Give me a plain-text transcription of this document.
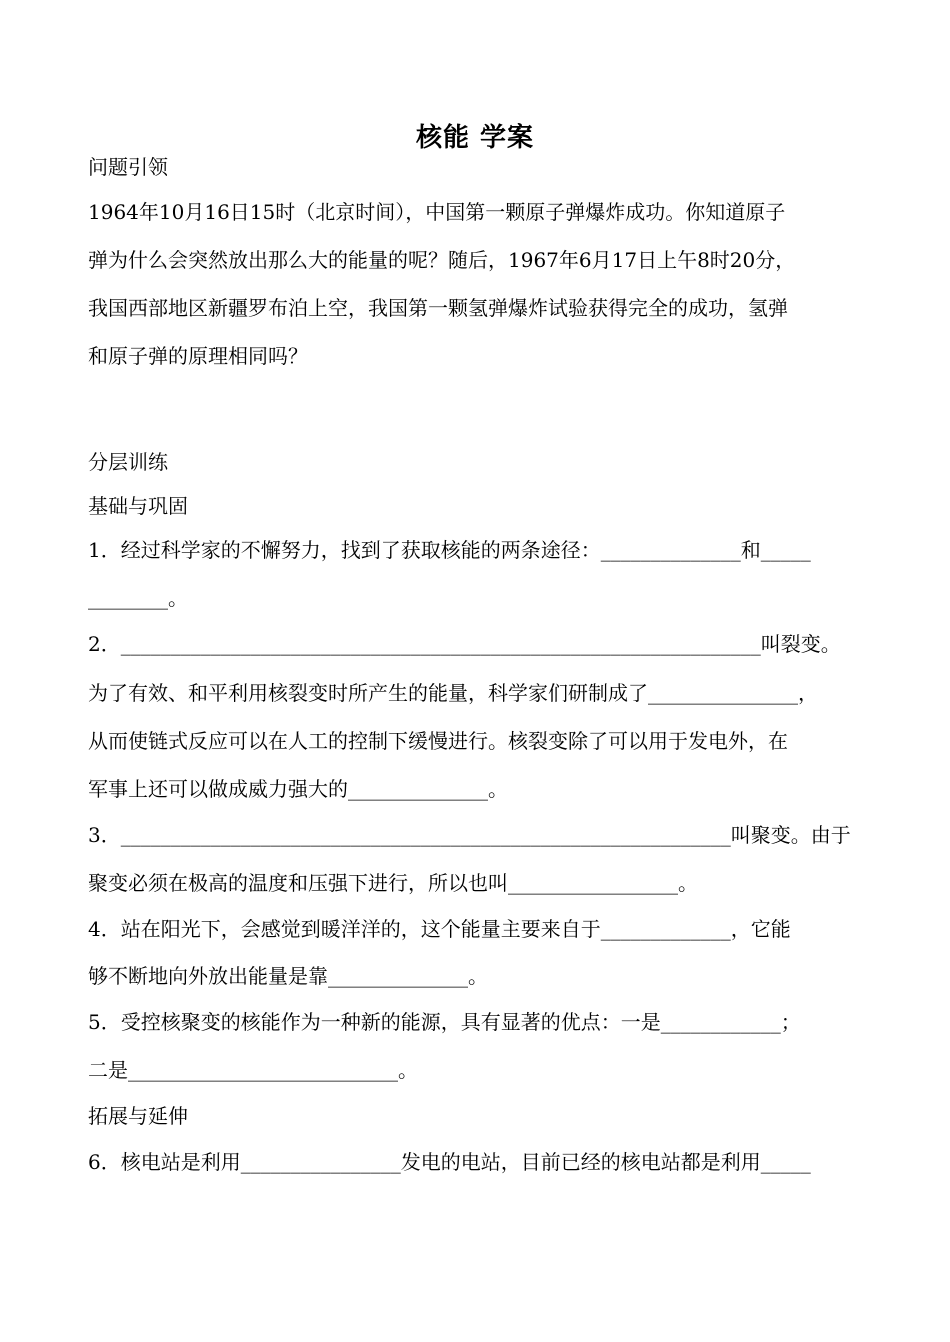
核能 学案

问题引领

1964年10月16日15时（北京时间），中国第一颗原子弹爆炸成功。你知道原子

弹为什么会突然放出那么大的能量的呢？随后，1967年6月17日上午8时20分，

我国西部地区新疆罗布泊上空，我国第一颗氢弹爆炸试验获得完全的成功，氢弹

和原子弹的原理相同吗？

分层训练

基础与巩固

1．经过科学家的不懈努力，找到了获取核能的两条途径：______________和_____

________。

2．________________________________________________________________叫裂变。

为了有效、和平利用核裂变时所产生的能量，科学家们研制成了_______________，

从而使链式反应可以在人工的控制下缓慢进行。核裂变除了可以用于发电外，在

军事上还可以做成威力强大的______________。

3．_____________________________________________________________叫聚变。由于

聚变必须在极高的温度和压强下进行，所以也叫_________________。

4．站在阳光下，会感觉到暖洋洋的，这个能量主要来自于_____________，它能

够不断地向外放出能量是靠______________。

5．受控核聚变的核能作为一种新的能源，具有显著的优点：一是____________；

二是___________________________。

拓展与延伸

6．核电站是利用________________发电的电站，目前已经的核电站都是利用_____
